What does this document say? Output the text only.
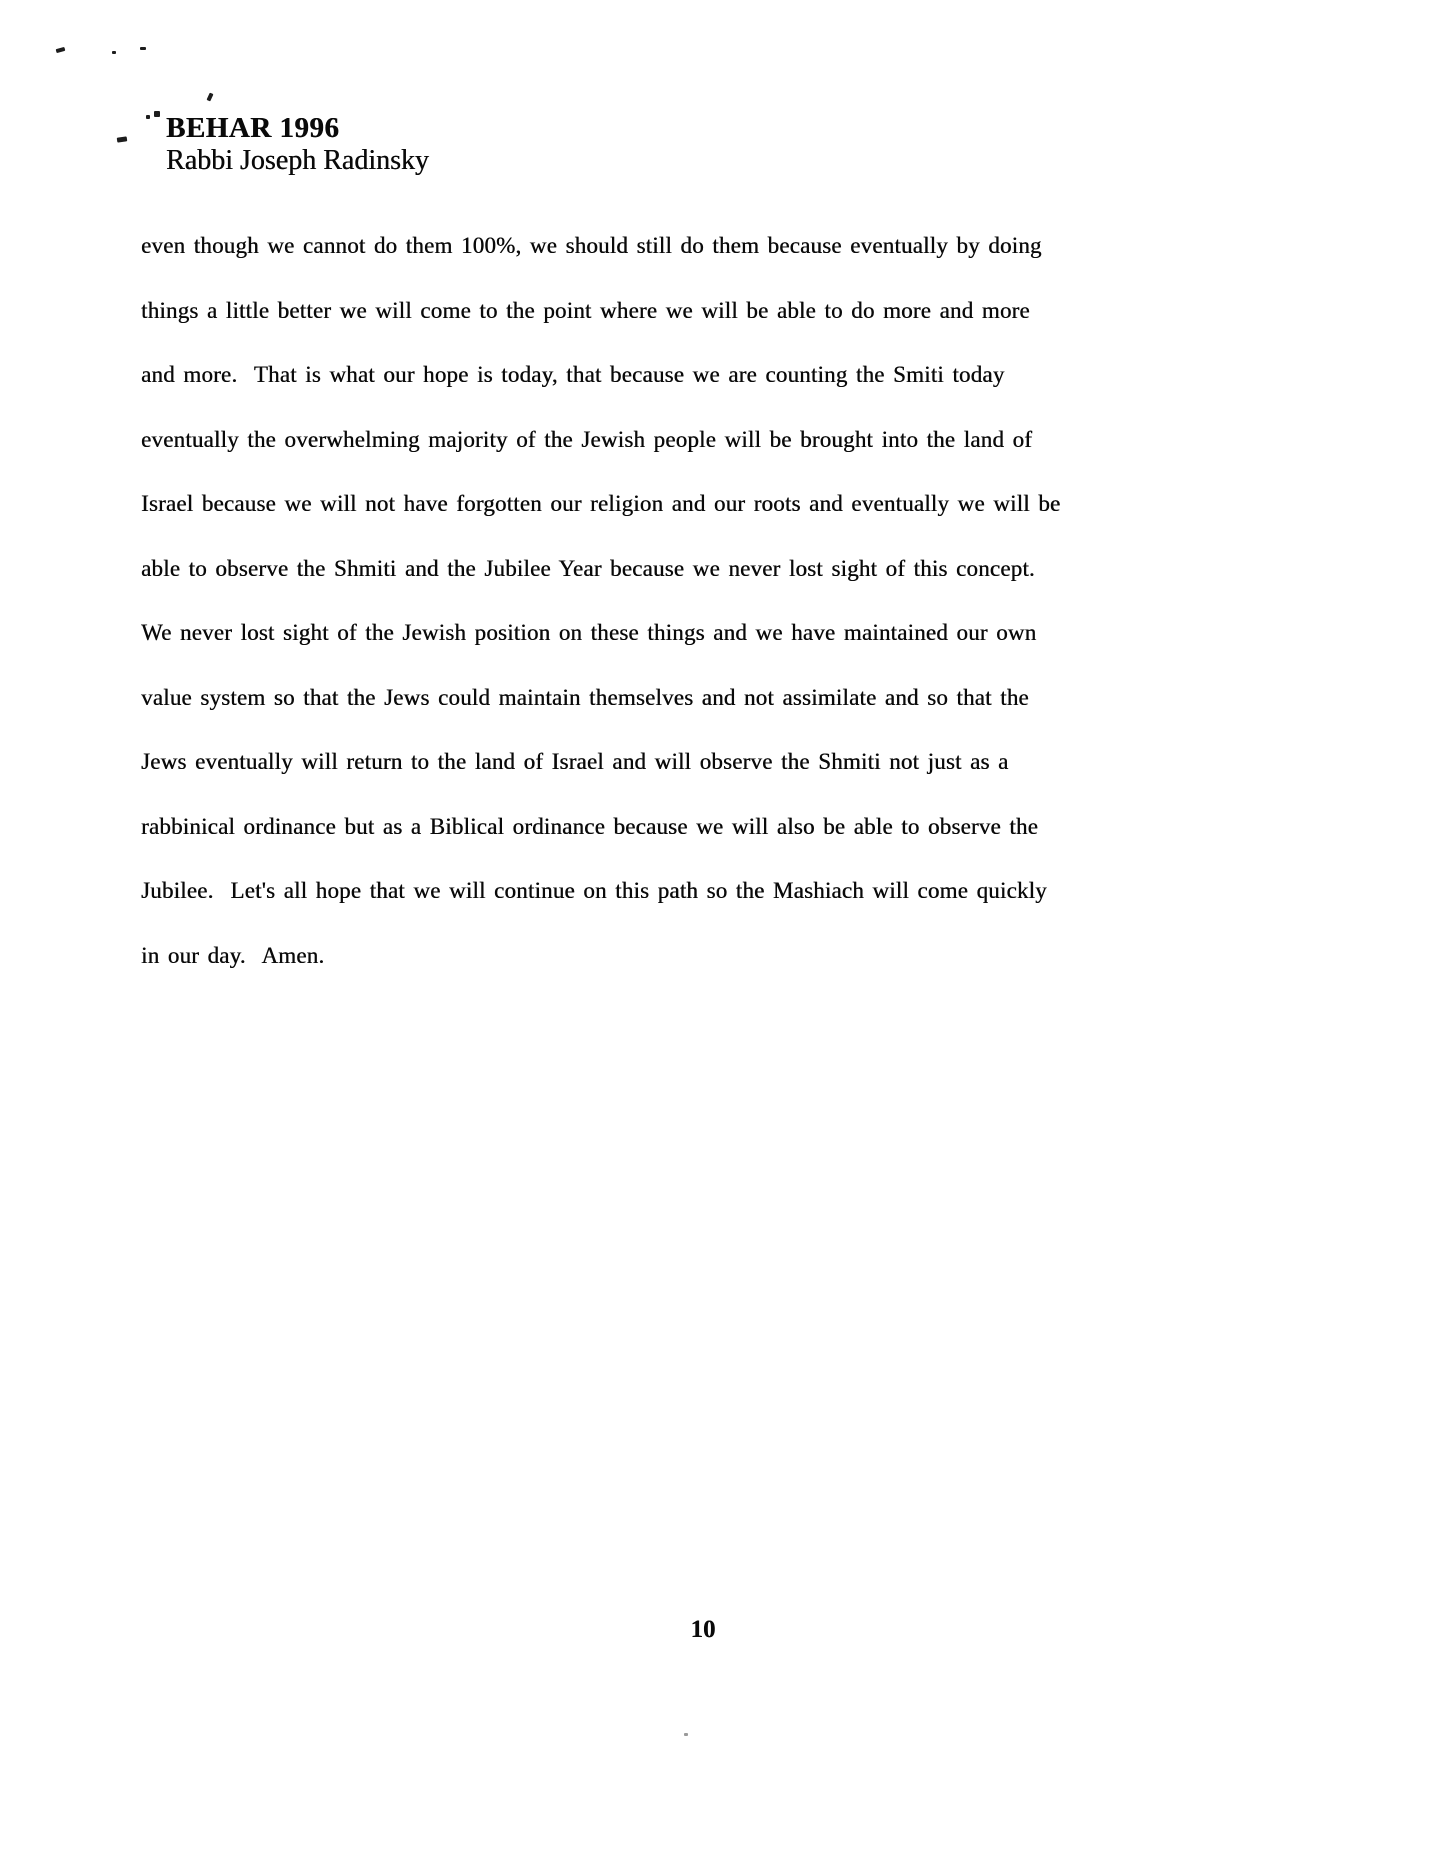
BEHAR 1996
Rabbi Joseph Radinsky
even though we cannot do them 100%, we should still do them because eventually by doing
things a little better we will come to the point where we will be able to do more and more
and more.  That is what our hope is today, that because we are counting the Smiti today
eventually the overwhelming majority of the Jewish people will be brought into the land of
Israel because we will not have forgotten our religion and our roots and eventually we will be
able to observe the Shmiti and the Jubilee Year because we never lost sight of this concept.
We never lost sight of the Jewish position on these things and we have maintained our own
value system so that the Jews could maintain themselves and not assimilate and so that the
Jews eventually will return to the land of Israel and will observe the Shmiti not just as a
rabbinical ordinance but as a Biblical ordinance because we will also be able to observe the
Jubilee.  Let's all hope that we will continue on this path so the Mashiach will come quickly
in our day.  Amen.
10
